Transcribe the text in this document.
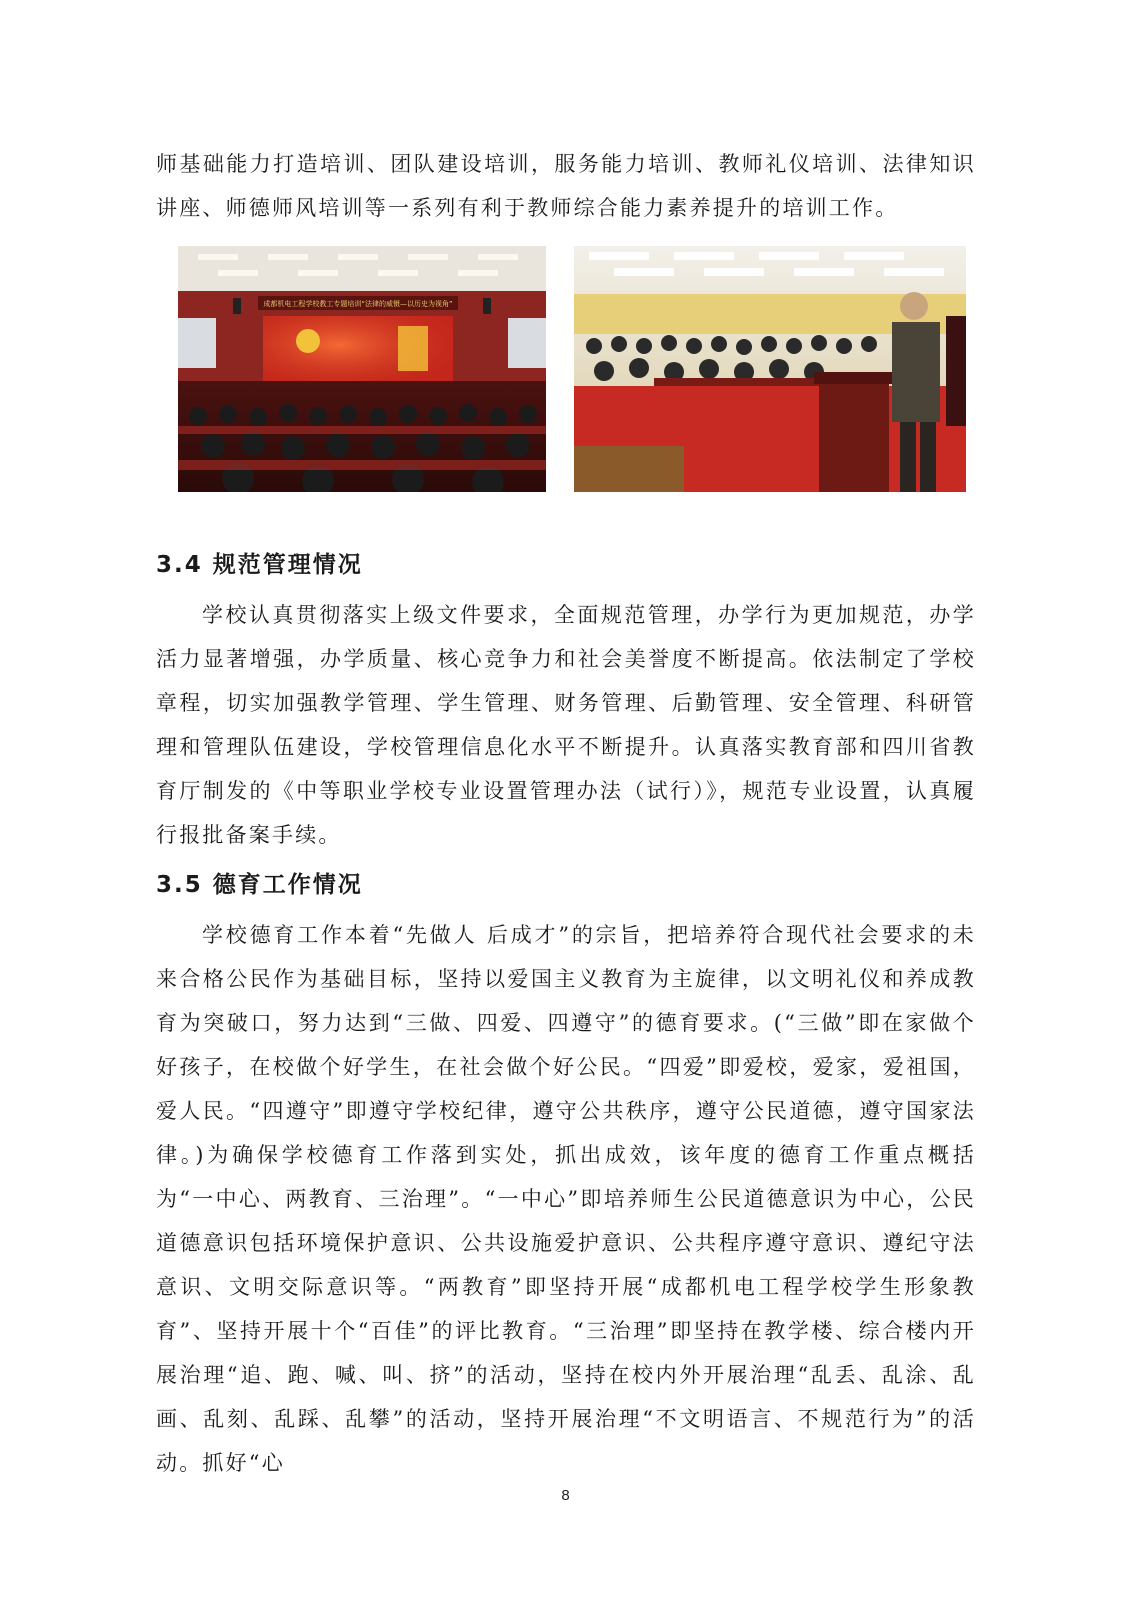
师基础能力打造培训、团队建设培训，服务能力培训、教师礼仪培训、法律知识讲座、师德师风培训等一系列有利于教师综合能力素养提升的培训工作。

成都机电工程学校教工专题培训“法律的威慑—以历史为视角”
3.4 规范管理情况

学校认真贯彻落实上级文件要求，全面规范管理，办学行为更加规范，办学活力显著增强，办学质量、核心竞争力和社会美誉度不断提高。依法制定了学校章程，切实加强教学管理、学生管理、财务管理、后勤管理、安全管理、科研管理和管理队伍建设，学校管理信息化水平不断提升。认真落实教育部和四川省教育厅制发的《中等职业学校专业设置管理办法（试行）》，规范专业设置，认真履行报批备案手续。

3.5 德育工作情况

学校德育工作本着“先做人 后成才”的宗旨，把培养符合现代社会要求的未来合格公民作为基础目标，坚持以爱国主义教育为主旋律，以文明礼仪和养成教育为突破口，努力达到“三做、四爱、四遵守”的德育要求。(“三做”即在家做个好孩子，在校做个好学生，在社会做个好公民。“四爱”即爱校，爱家，爱祖国，爱人民。“四遵守”即遵守学校纪律，遵守公共秩序，遵守公民道德，遵守国家法律。)为确保学校德育工作落到实处，抓出成效，该年度的德育工作重点概括为“一中心、两教育、三治理”。“一中心”即培养师生公民道德意识为中心，公民道德意识包括环境保护意识、公共设施爱护意识、公共程序遵守意识、遵纪守法意识、文明交际意识等。“两教育”即坚持开展“成都机电工程学校学生形象教育”、坚持开展十个“百佳”的评比教育。“三治理”即坚持在教学楼、综合楼内开展治理“追、跑、喊、叫、挤”的活动，坚持在校内外开展治理“乱丢、乱涂、乱画、乱刻、乱踩、乱攀”的活动，坚持开展治理“不文明语言、不规范行为”的活动。抓好“心

8
